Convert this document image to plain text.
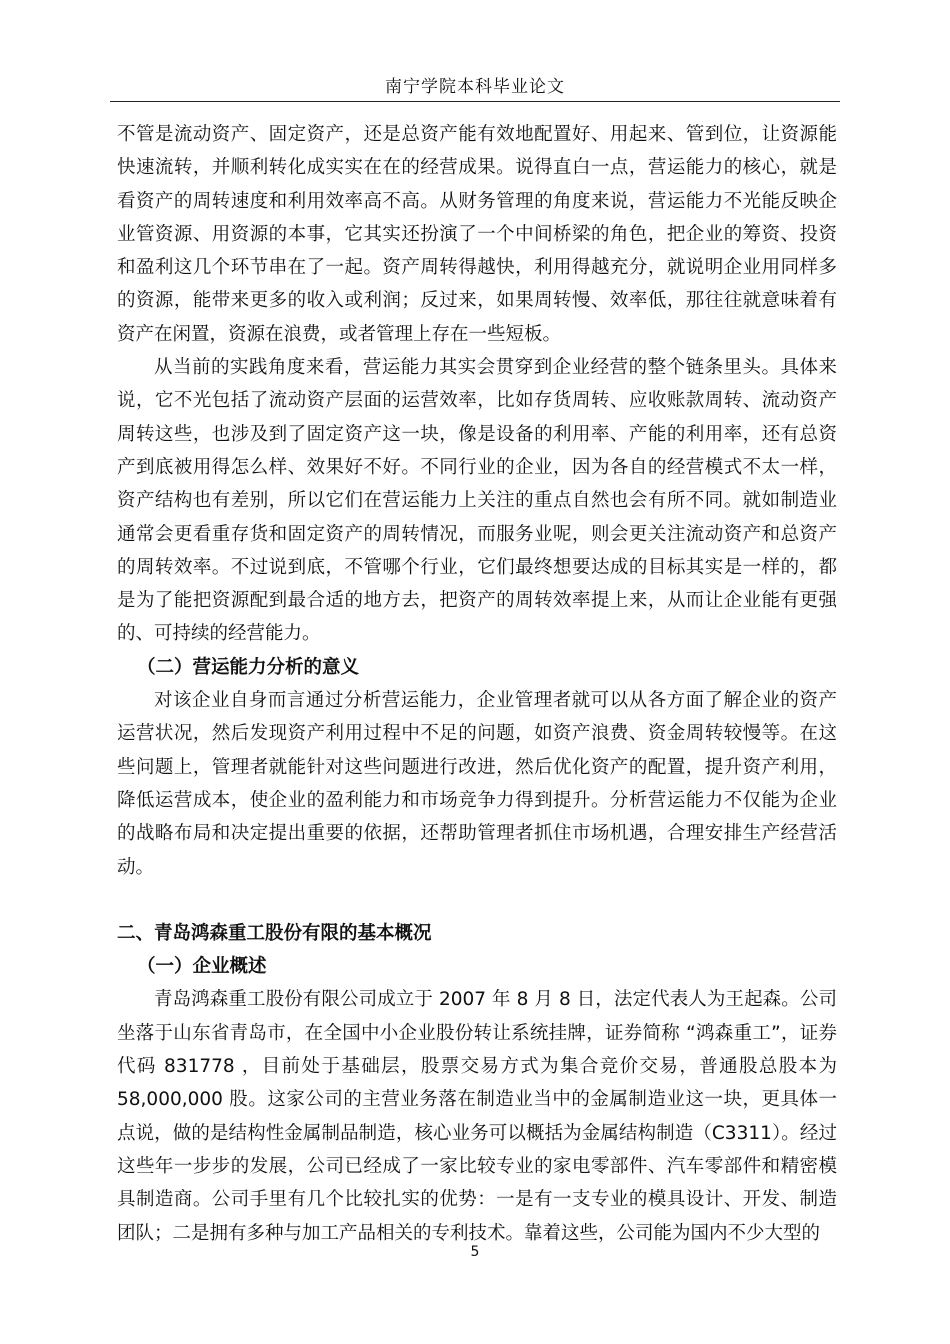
南宁学院本科毕业论文

不管是流动资产、固定资产，还是总资产能有效地配置好、用起来、管到位，让资源能快速流转，并顺利转化成实实在在的经营成果。说得直白一点，营运能力的核心，就是看资产的周转速度和利用效率高不高。从财务管理的角度来说，营运能力不光能反映企业管资源、用资源的本事，它其实还扮演了一个中间桥梁的角色，把企业的筹资、投资和盈利这几个环节串在了一起。资产周转得越快，利用得越充分，就说明企业用同样多的资源，能带来更多的收入或利润；反过来，如果周转慢、效率低，那往往就意味着有资产在闲置，资源在浪费，或者管理上存在一些短板。

从当前的实践角度来看，营运能力其实会贯穿到企业经营的整个链条里头。具体来说，它不光包括了流动资产层面的运营效率，比如存货周转、应收账款周转、流动资产周转这些，也涉及到了固定资产这一块，像是设备的利用率、产能的利用率，还有总资产到底被用得怎么样、效果好不好。不同行业的企业，因为各自的经营模式不太一样，资产结构也有差别，所以它们在营运能力上关注的重点自然也会有所不同。就如制造业通常会更看重存货和固定资产的周转情况，而服务业呢，则会更关注流动资产和总资产的周转效率。不过说到底，不管哪个行业，它们最终想要达成的目标其实是一样的，都是为了能把资源配到最合适的地方去，把资产的周转效率提上来，从而让企业能有更强的、可持续的经营能力。

（二）营运能力分析的意义

对该企业自身而言通过分析营运能力，企业管理者就可以从各方面了解企业的资产运营状况，然后发现资产利用过程中不足的问题，如资产浪费、资金周转较慢等。在这些问题上，管理者就能针对这些问题进行改进，然后优化资产的配置，提升资产利用，降低运营成本，使企业的盈利能力和市场竞争力得到提升。分析营运能力不仅能为企业的战略布局和决定提出重要的依据，还帮助管理者抓住市场机遇，合理安排生产经营活动。

二、青岛鸿森重工股份有限的基本概况

（一）企业概述

青岛鸿森重工股份有限公司成立于 2007 年 8 月 8 日，法定代表人为王起森。公司坐落于山东省青岛市，在全国中小企业股份转让系统挂牌，证券简称 “鸿森重工”，证券代码 831778 ，目前处于基础层，股票交易方式为集合竞价交易，普通股总股本为58,000,000 股。这家公司的主营业务落在制造业当中的金属制造业这一块，更具体一点说，做的是结构性金属制品制造，核心业务可以概括为金属结构制造（C3311）。经过这些年一步步的发展，公司已经成了一家比较专业的家电零部件、汽车零部件和精密模具制造商。公司手里有几个比较扎实的优势：一是有一支专业的模具设计、开发、制造团队；二是拥有多种与加工产品相关的专利技术。靠着这些，公司能为国内不少大型的

5
